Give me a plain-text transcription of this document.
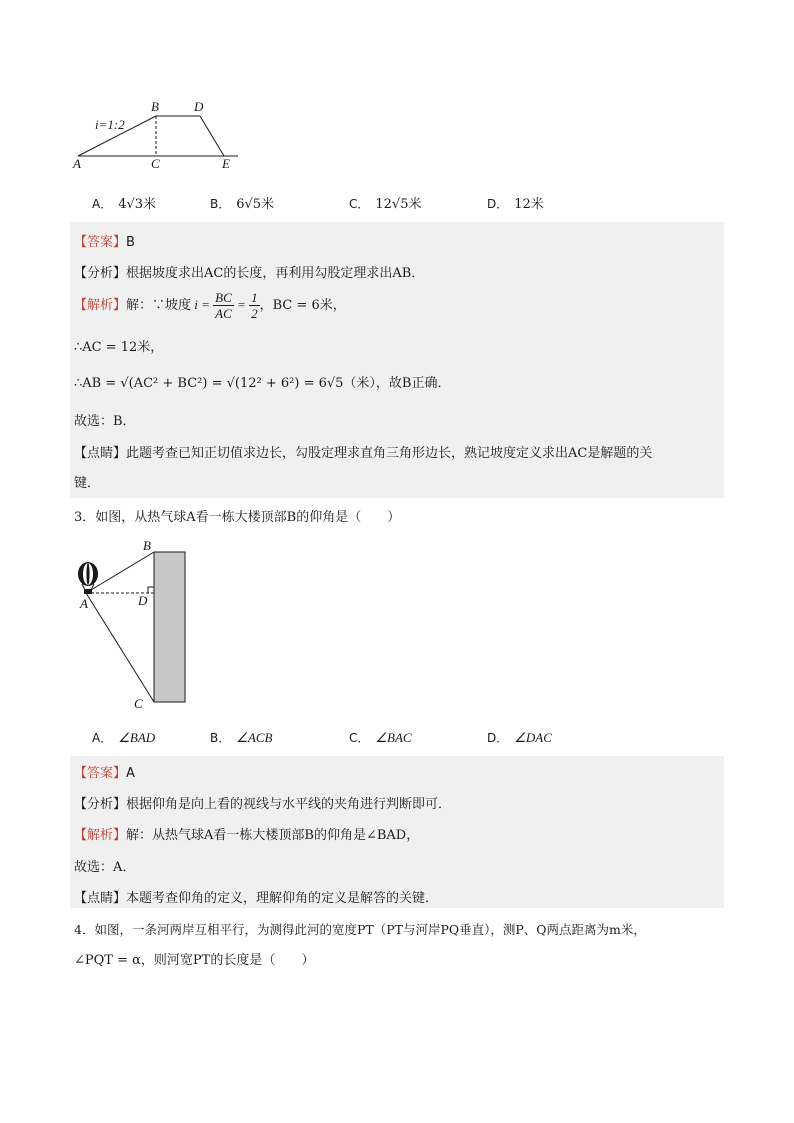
i=1:2
B	D
A	C	E
A． 4√3米	B． 6√5米	C． 12√5米	D． 12米
【答案】B
【分析】根据坡度求出AC的长度，再利用勾股定理求出AB．
【解析】解：∵坡度 $i = \frac{BC}{AC} = \frac{1}{2}$ ，BC = 6米，
∴AC = 12米，
∴AB = √(AC² + BC²) = √(12² + 6²) = 6√5（米），故B正确．
故选：B．
【点睛】此题考查已知正切值求边长，勾股定理求直角三角形边长，熟记坡度定义求出AC是解题的关
键．
3．如图，从热气球A看一栋大楼顶部B的仰角是（　　）
B
A	D
C
A． ∠BAD	B． ∠ACB	C． ∠BAC	D． ∠DAC
【答案】A
【分析】根据仰角是向上看的视线与水平线的夹角进行判断即可．
【解析】解：从热气球A看一栋大楼顶部B的仰角是∠BAD，
故选：A．
【点睛】本题考查仰角的定义，理解仰角的定义是解答的关键．
4．如图，一条河两岸互相平行，为测得此河的宽度PT（PT与河岸PQ垂直），测P、Q两点距离为m米，
∠PQT = α，则河宽PT的长度是（　　）
